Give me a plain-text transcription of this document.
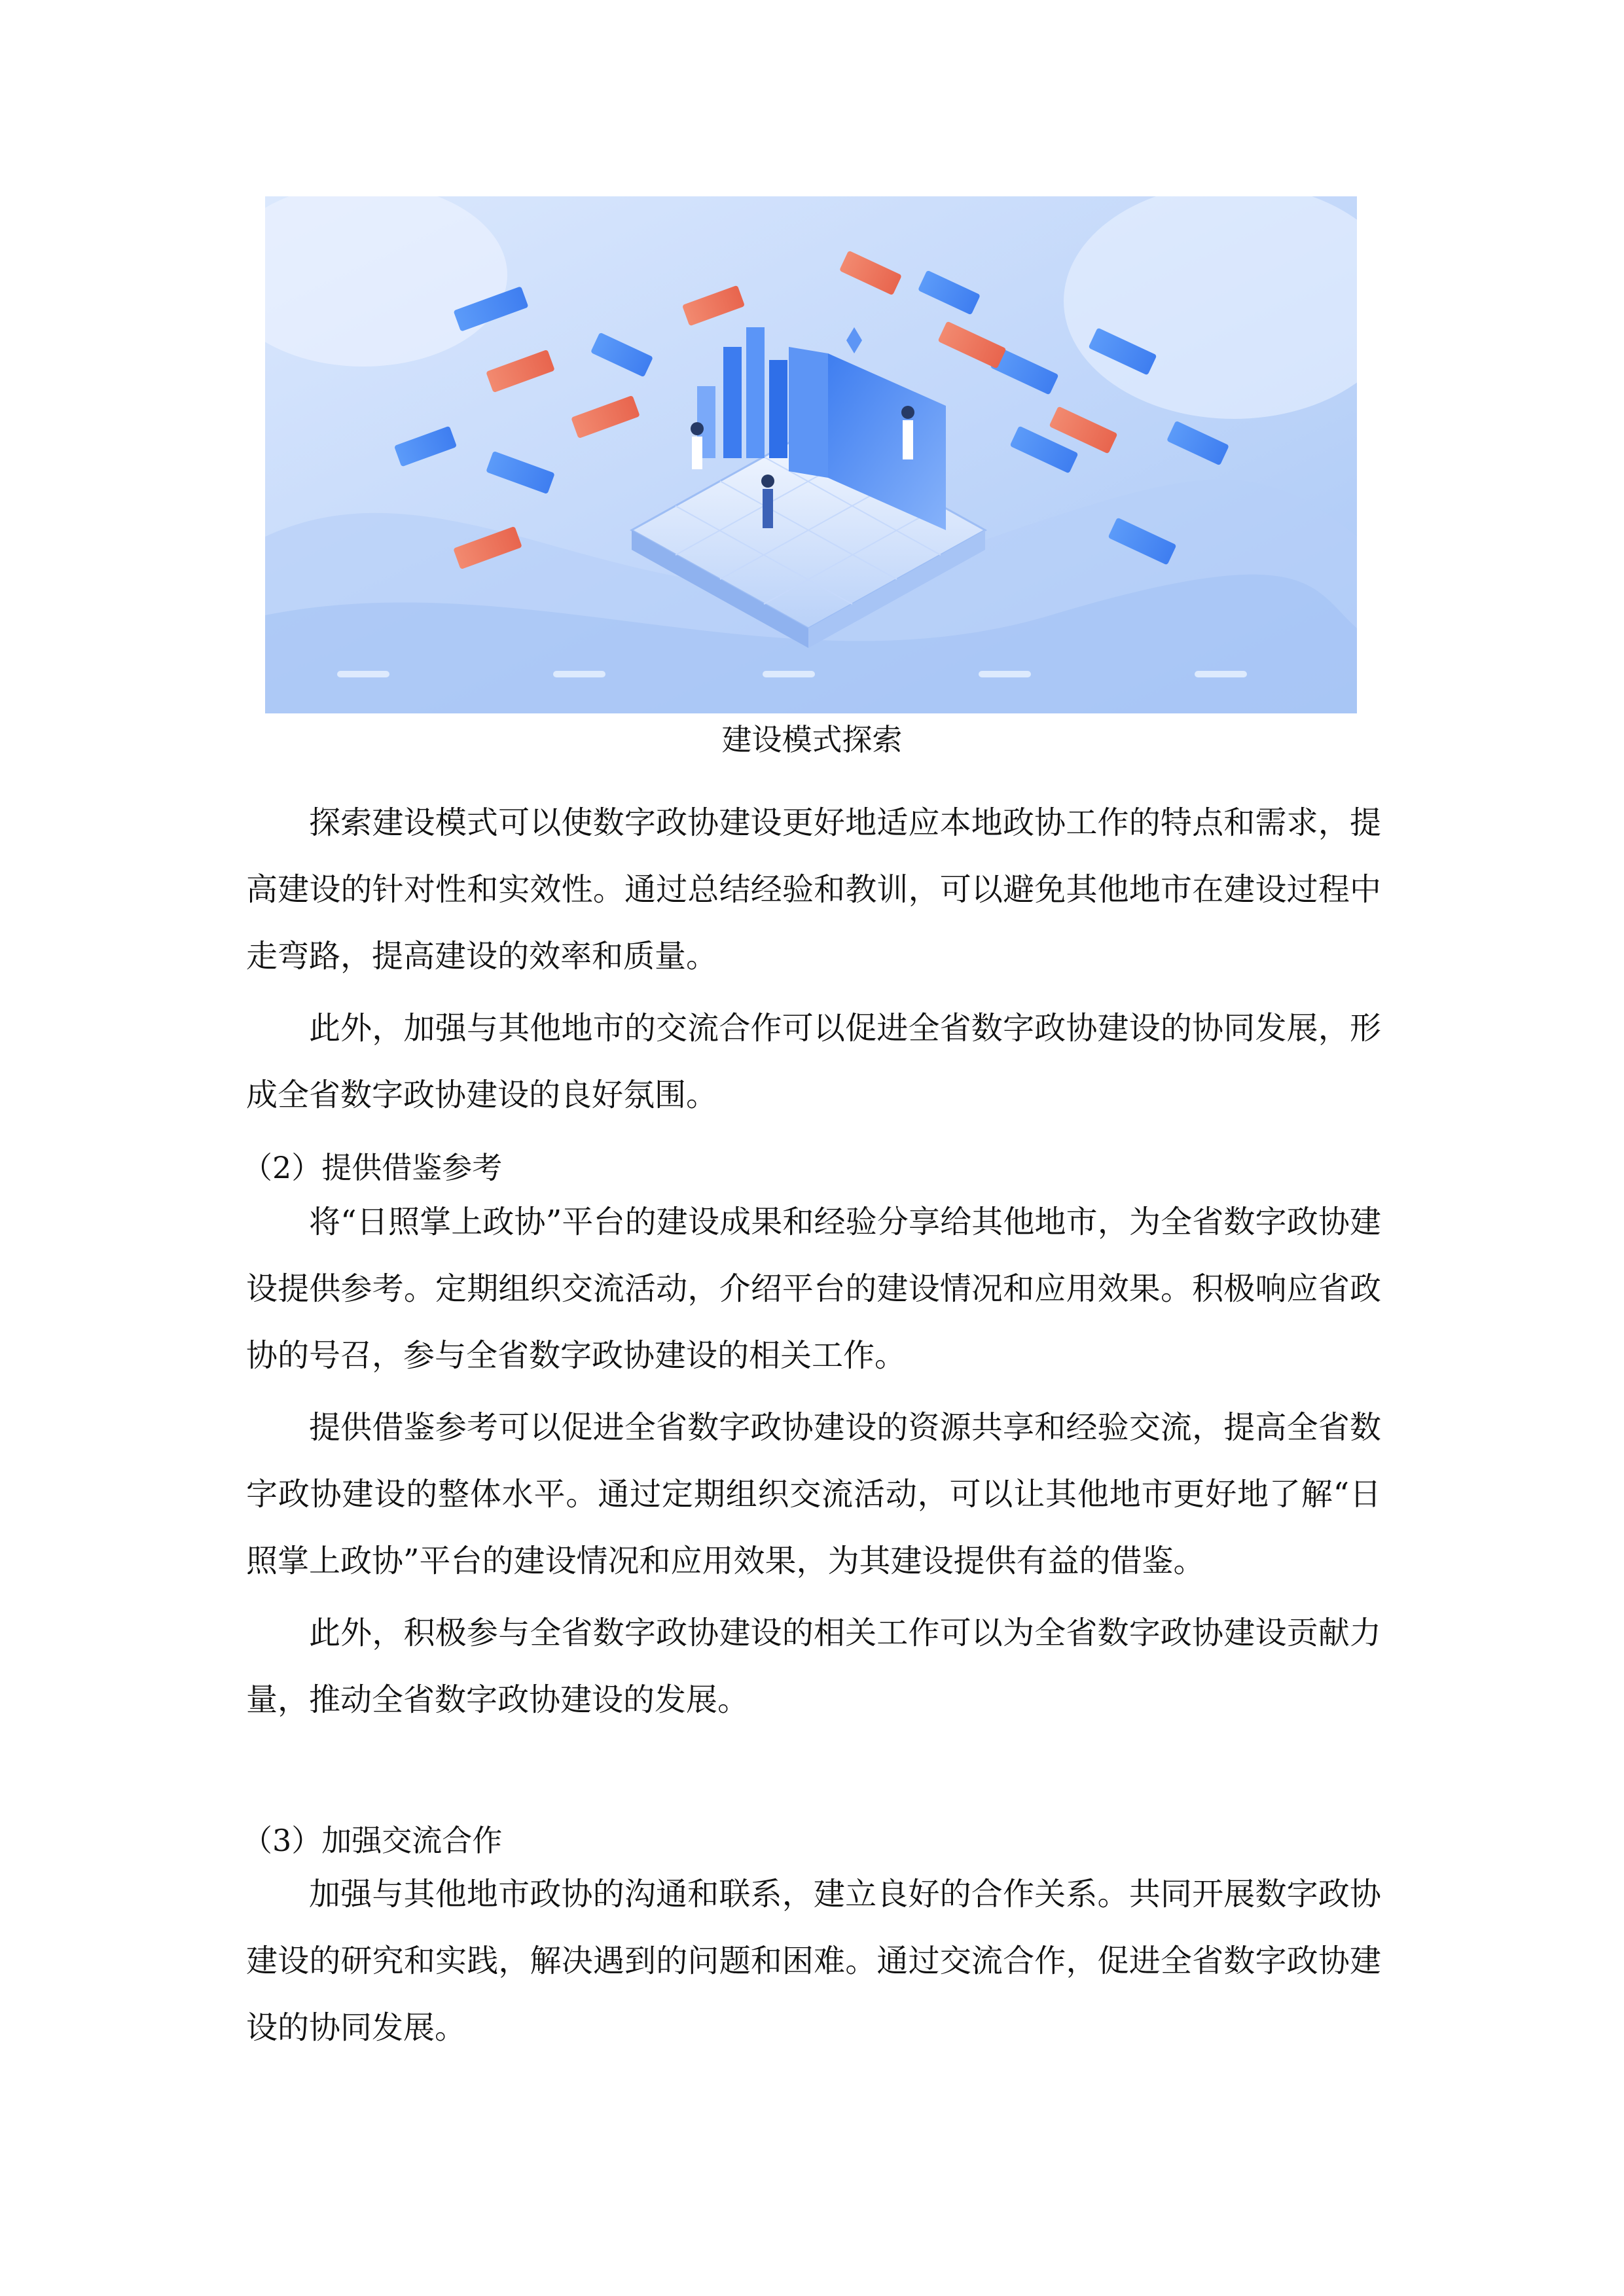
建设模式探索

探索建设模式可以使数字政协建设更好地适应本地政协工作的特点和需求，提高建设的针对性和实效性。通过总结经验和教训，可以避免其他地市在建设过程中走弯路，提高建设的效率和质量。

此外，加强与其他地市的交流合作可以促进全省数字政协建设的协同发展，形成全省数字政协建设的良好氛围。

（2）提供借鉴参考

将“日照掌上政协”平台的建设成果和经验分享给其他地市，为全省数字政协建设提供参考。定期组织交流活动，介绍平台的建设情况和应用效果。积极响应省政协的号召，参与全省数字政协建设的相关工作。

提供借鉴参考可以促进全省数字政协建设的资源共享和经验交流，提高全省数字政协建设的整体水平。通过定期组织交流活动，可以让其他地市更好地了解“日照掌上政协”平台的建设情况和应用效果，为其建设提供有益的借鉴。

此外，积极参与全省数字政协建设的相关工作可以为全省数字政协建设贡献力量，推动全省数字政协建设的发展。

（3）加强交流合作

加强与其他地市政协的沟通和联系，建立良好的合作关系。共同开展数字政协建设的研究和实践，解决遇到的问题和困难。通过交流合作，促进全省数字政协建设的协同发展。
